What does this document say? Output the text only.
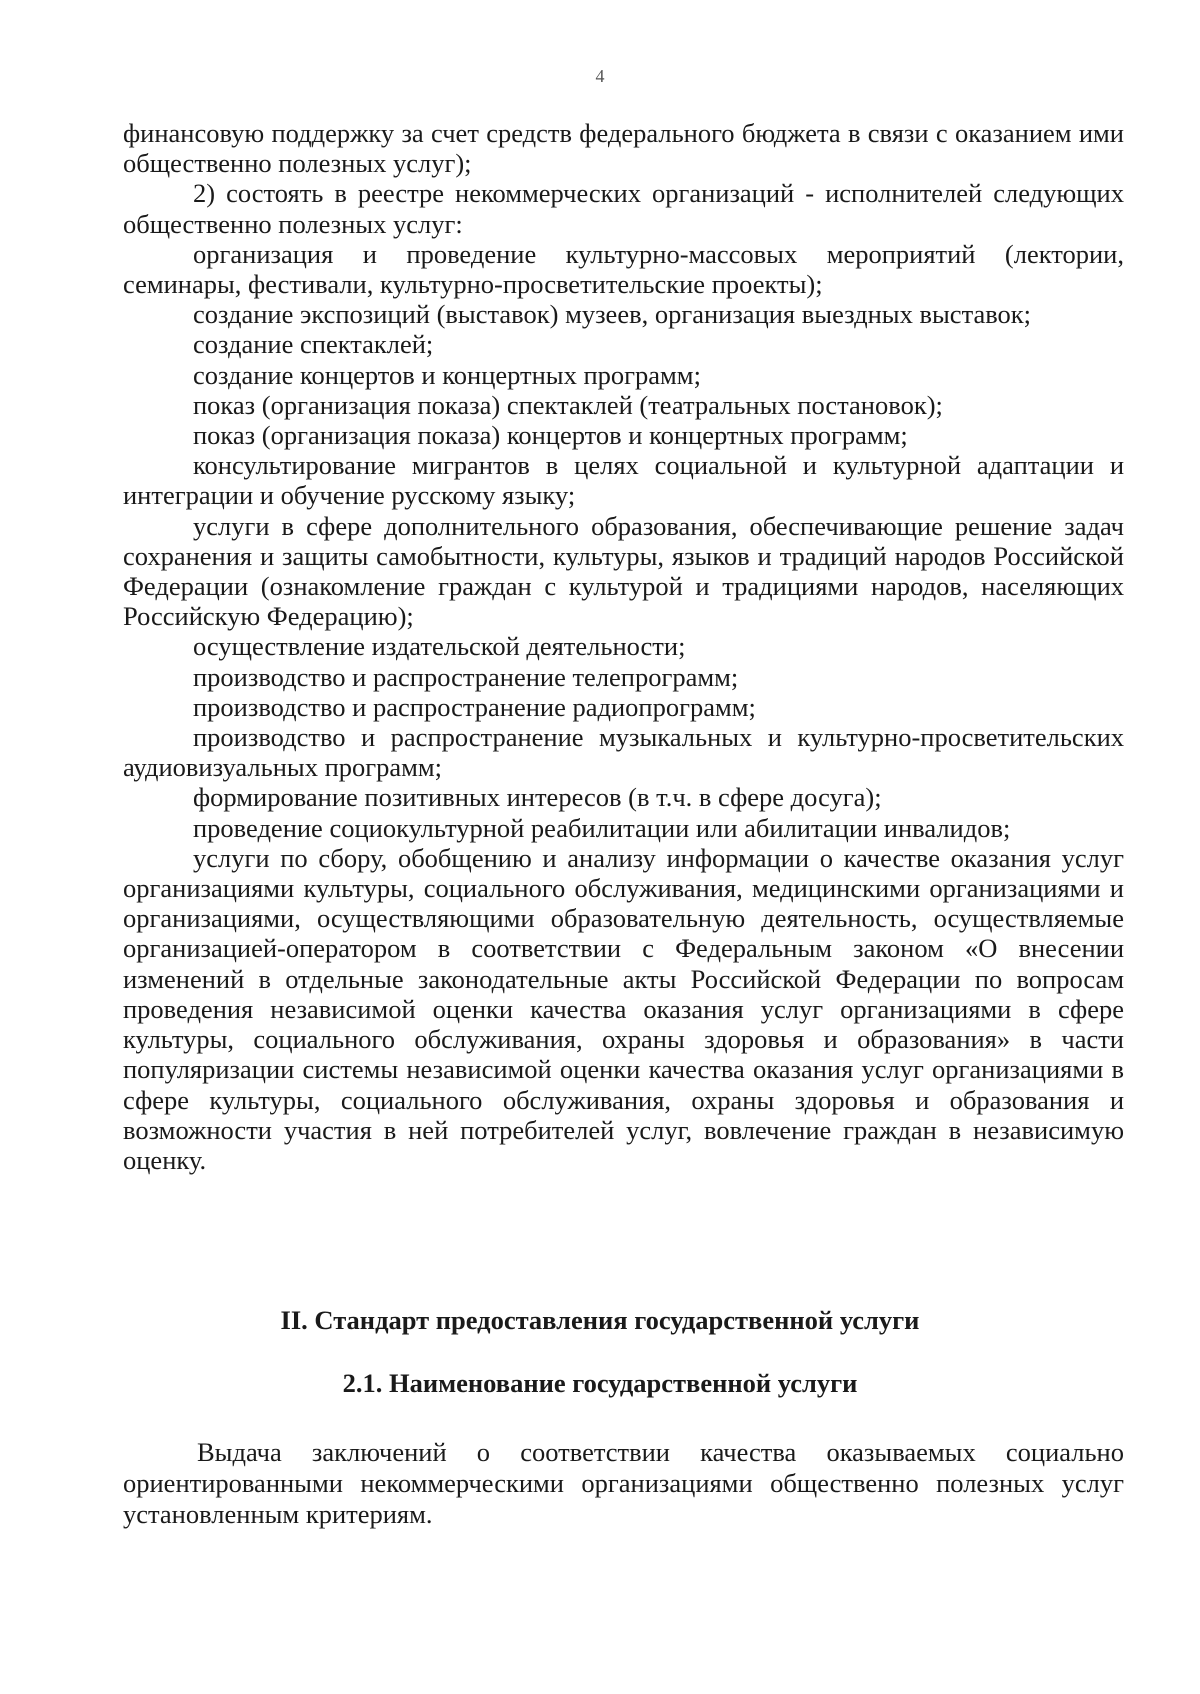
4

финансовую поддержку за счет средств федерального бюджета в связи с оказанием ими общественно полезных услуг);

2) состоять в реестре некоммерческих организаций - исполнителей следующих общественно полезных услуг:

организация и проведение культурно-массовых мероприятий (лектории, семинары, фестивали, культурно-просветительские проекты);

создание экспозиций (выставок) музеев, организация выездных выставок;

создание спектаклей;

создание концертов и концертных программ;

показ (организация показа) спектаклей (театральных постановок);

показ (организация показа) концертов и концертных программ;

консультирование мигрантов в целях социальной и культурной адаптации и интеграции и обучение русскому языку;

услуги в сфере дополнительного образования, обеспечивающие решение задач сохранения и защиты самобытности, культуры, языков и традиций народов Российской Федерации (ознакомление граждан с культурой и традициями народов, населяющих Российскую Федерацию);

осуществление издательской деятельности;

производство и распространение телепрограмм;

производство и распространение радиопрограмм;

производство и распространение музыкальных и культурно-просветительских аудиовизуальных программ;

формирование позитивных интересов (в т.ч. в сфере досуга);

проведение социокультурной реабилитации или абилитации инвалидов;

услуги по сбору, обобщению и анализу информации о качестве оказания услуг организациями культуры, социального обслуживания, медицинскими организациями и организациями, осуществляющими образовательную деятельность, осуществляемые организацией-оператором в соответствии с Федеральным законом «О внесении изменений в отдельные законодательные акты Российской Федерации по вопросам проведения независимой оценки качества оказания услуг организациями в сфере культуры, социального обслуживания, охраны здоровья и образования» в части популяризации системы независимой оценки качества оказания услуг организациями в сфере культуры, социального обслуживания, охраны здоровья и образования и возможности участия в ней потребителей услуг, вовлечение граждан в независимую оценку.

II. Стандарт предоставления государственной услуги
2.1. Наименование государственной услуги

Выдача заключений о соответствии качества оказываемых социально ориентированными некоммерческими организациями общественно полезных услуг установленным критериям.
